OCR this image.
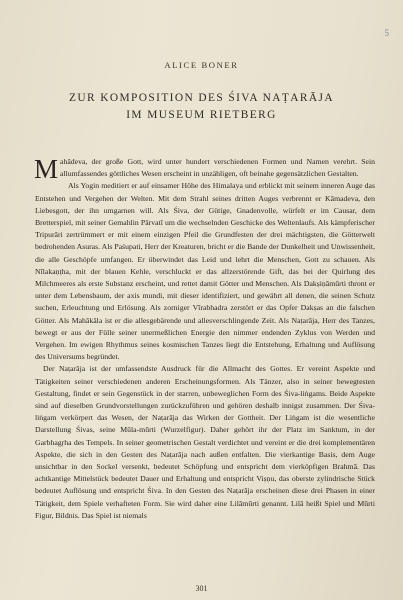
5
ALICE BONER
ZUR KOMPOSITION DES ŚIVA NAṬARĀJA
IM MUSEUM RIETBERG

Mahâdeva, der große Gott, wird unter hundert verschiedenen Formen und Namen verehrt. Sein allumfassendes göttliches Wesen erscheint in unzähligen, oft beinahe gegensätzlichen Gestalten.

Als Yogin meditiert er auf einsamer Höhe des Himalaya und erblickt mit seinem inneren Auge das Entstehen und Vergehen der Welten. Mit dem Strahl seines dritten Auges verbrennt er Kāmadeva, den Liebesgott, der ihn umgarnen will. Als Śiva, der Gütige, Gnadenvolle, würfelt er im Causar, dem Bretterspiel, mit seiner Gemahlin Pārvatī um die wechselnden Geschicke des Weltenlaufs. Als kämpferischer Tripurāri zertrümmert er mit einem einzigen Pfeil die Grundfesten der drei mächtigsten, die Götterwelt bedrohenden Asuras. Als Paśupati, Herr der Kreaturen, bricht er die Bande der Dunkelheit und Unwissenheit, die alle Geschöpfe umfangen. Er überwindet das Leid und lehrt die Menschen, Gott zu schauen. Als Nīlakaṇṭha, mit der blauen Kehle, verschluckt er das allzerstörende Gift, das bei der Quirlung des Milchmeeres als erste Substanz erscheint, und rettet damit Götter und Menschen. Als Dakṣiṇāmūrti thront er unter dem Lebensbaum, der axis mundi, mit dieser identifiziert, und gewährt all denen, die seinen Schutz suchen, Erleuchtung und Erlösung. Als zorniger Vīrabhadra zerstört er das Opfer Dakṣas an die falschen Götter. Als Mahākāla ist er die allesgebärende und allesverschlingende Zeit. Als Naṭarāja, Herr des Tanzes, bewegt er aus der Fülle seiner unermeßlichen Energie den nimmer endenden Zyklus von Werden und Vergehen. Im ewigen Rhythmus seines kosmischen Tanzes liegt die Entstehung, Erhaltung und Auflösung des Universums begründet.

Der Naṭarāja ist der umfassendste Ausdruck für die Allmacht des Gottes. Er vereint Aspekte und Tätigkeiten seiner verschiedenen anderen Erscheinungsformen. Als Tänzer, also in seiner bewegtesten Gestaltung, findet er sein Gegenstück in der starren, unbeweglichen Form des Śiva-liṅgams. Beide Aspekte sind auf dieselben Grundvorstellungen zurückzuführen und gehören deshalb innigst zusammen. Der Śiva-liṅgam verkörpert das Wesen, der Naṭarāja das Wirken der Gottheit. Der Liṅgam ist die wesentliche Darstellung Śivas, seine Mūla-mūrti (Wurzelfigur). Daher gehört ihr der Platz im Sanktum, in der Garbhagṛha des Tempels. In seiner geometrischen Gestalt verdichtet und vereint er die drei komplementären Aspekte, die sich in den Gesten des Naṭarāja nach außen entfalten. Die vierkantige Basis, dem Auge unsichtbar in den Sockel versenkt, bedeutet Schöpfung und entspricht dem vierköpfigen Brahmā. Das achtkantige Mittelstück bedeutet Dauer und Erhaltung und entspricht Viṣṇu, das oberste zylindrische Stück bedeutet Auflösung und entspricht Śiva. In den Gesten des Naṭarāja erscheinen diese drei Phasen in einer Tätigkeit, dem Spiele verhafteten Form. Sie wird daher eine Lilāmūrti genannt. Lilā heißt Spiel und Mūrti Figur, Bildnis. Das Spiel ist niemals

301
